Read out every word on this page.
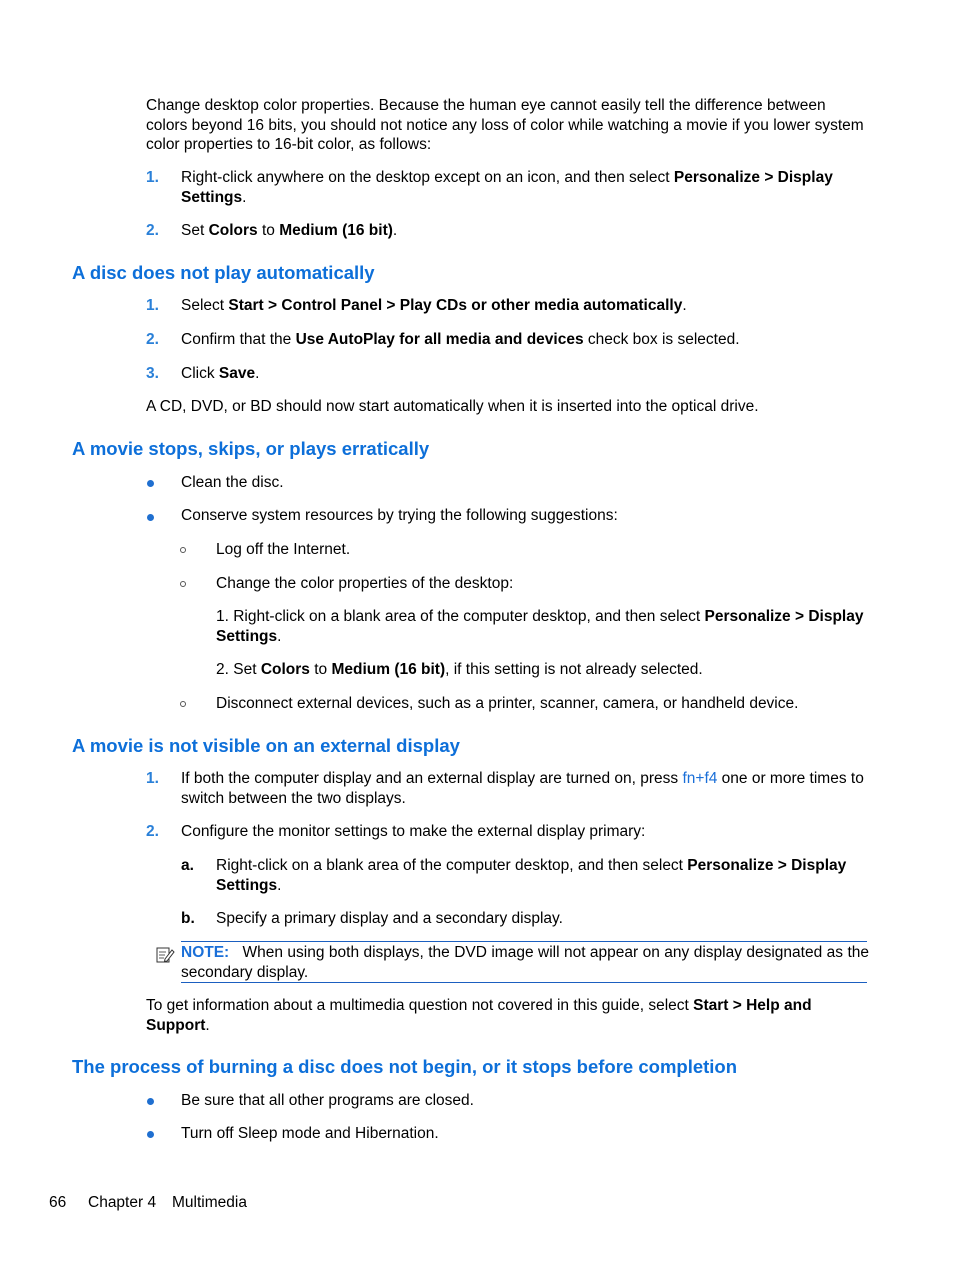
Change desktop color properties. Because the human eye cannot easily tell the difference between colors beyond 16 bits, you should not notice any loss of color while watching a movie if you lower system color properties to 16-bit color, as follows:
1. Right-click anywhere on the desktop except on an icon, and then select Personalize > Display Settings.
2. Set Colors to Medium (16 bit).
A disc does not play automatically
1. Select Start > Control Panel > Play CDs or other media automatically.
2. Confirm that the Use AutoPlay for all media and devices check box is selected.
3. Click Save.
A CD, DVD, or BD should now start automatically when it is inserted into the optical drive.
A movie stops, skips, or plays erratically
Clean the disc.
Conserve system resources by trying the following suggestions:
Log off the Internet.
Change the color properties of the desktop:
1. Right-click on a blank area of the computer desktop, and then select Personalize > Display Settings.
2. Set Colors to Medium (16 bit), if this setting is not already selected.
Disconnect external devices, such as a printer, scanner, camera, or handheld device.
A movie is not visible on an external display
1. If both the computer display and an external display are turned on, press fn+f4 one or more times to switch between the two displays.
2. Configure the monitor settings to make the external display primary:
a. Right-click on a blank area of the computer desktop, and then select Personalize > Display Settings.
b. Specify a primary display and a secondary display.
NOTE: When using both displays, the DVD image will not appear on any display designated as the secondary display.
To get information about a multimedia question not covered in this guide, select Start > Help and Support.
The process of burning a disc does not begin, or it stops before completion
Be sure that all other programs are closed.
Turn off Sleep mode and Hibernation.
66 Chapter 4 Multimedia
